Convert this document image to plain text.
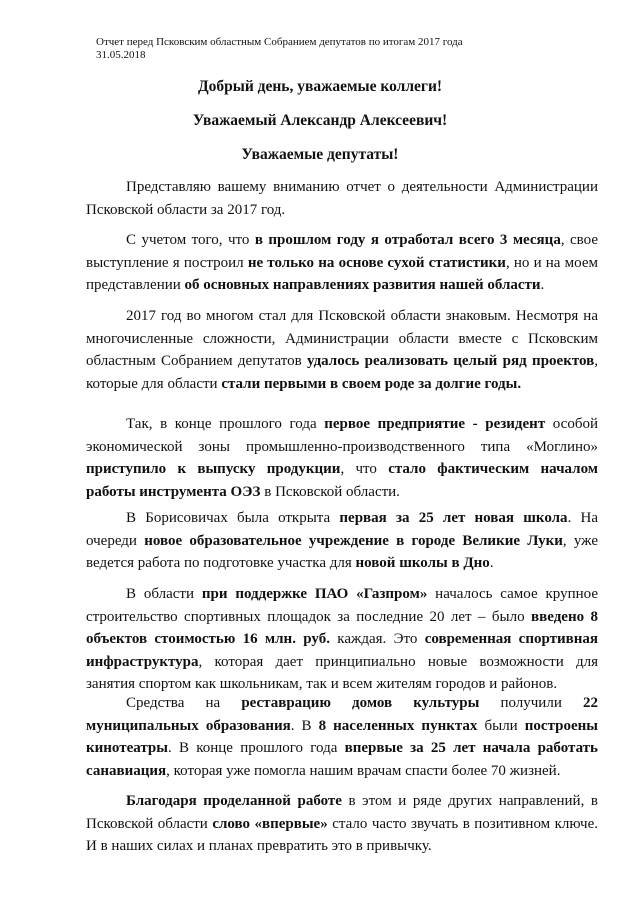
Отчет перед Псковским областным Собранием депутатов по итогам 2017 года
31.05.2018
Добрый день, уважаемые коллеги!
Уважаемый Александр Алексеевич!
Уважаемые депутаты!

Представляю вашему вниманию отчет о деятельности Администрации Псковской области за 2017 год.

С учетом того, что в прошлом году я отработал всего 3 месяца, свое выступление я построил не только на основе сухой статистики, но и на моем представлении об основных направлениях развития нашей области.

2017 год во многом стал для Псковской области знаковым. Несмотря на многочисленные сложности, Администрации области вместе с Псковским областным Собранием депутатов удалось реализовать целый ряд проектов, которые для области стали первыми в своем роде за долгие годы.

Так, в конце прошлого года первое предприятие - резидент особой экономической зоны промышленно-производственного типа «Моглино» приступило к выпуску продукции, что стало фактическим началом работы инструмента ОЭЗ в Псковской области.

В Борисовичах была открыта первая за 25 лет новая школа. На очереди новое образовательное учреждение в городе Великие Луки, уже ведется работа по подготовке участка для новой школы в Дно.

В области при поддержке ПАО «Газпром» началось самое крупное строительство спортивных площадок за последние 20 лет – было введено 8 объектов стоимостью 16 млн. руб. каждая. Это современная спортивная инфраструктура, которая дает принципиально новые возможности для занятия спортом как школьникам, так и всем жителям городов и районов.

Средства на реставрацию домов культуры получили 22 муниципальных образования. В 8 населенных пунктах были построены кинотеатры. В конце прошлого года впервые за 25 лет начала работать санавиация, которая уже помогла нашим врачам спасти более 70 жизней.

Благодаря проделанной работе в этом и ряде других направлений, в Псковской области слово «впервые» стало часто звучать в позитивном ключе. И в наших силах и планах превратить это в привычку.
